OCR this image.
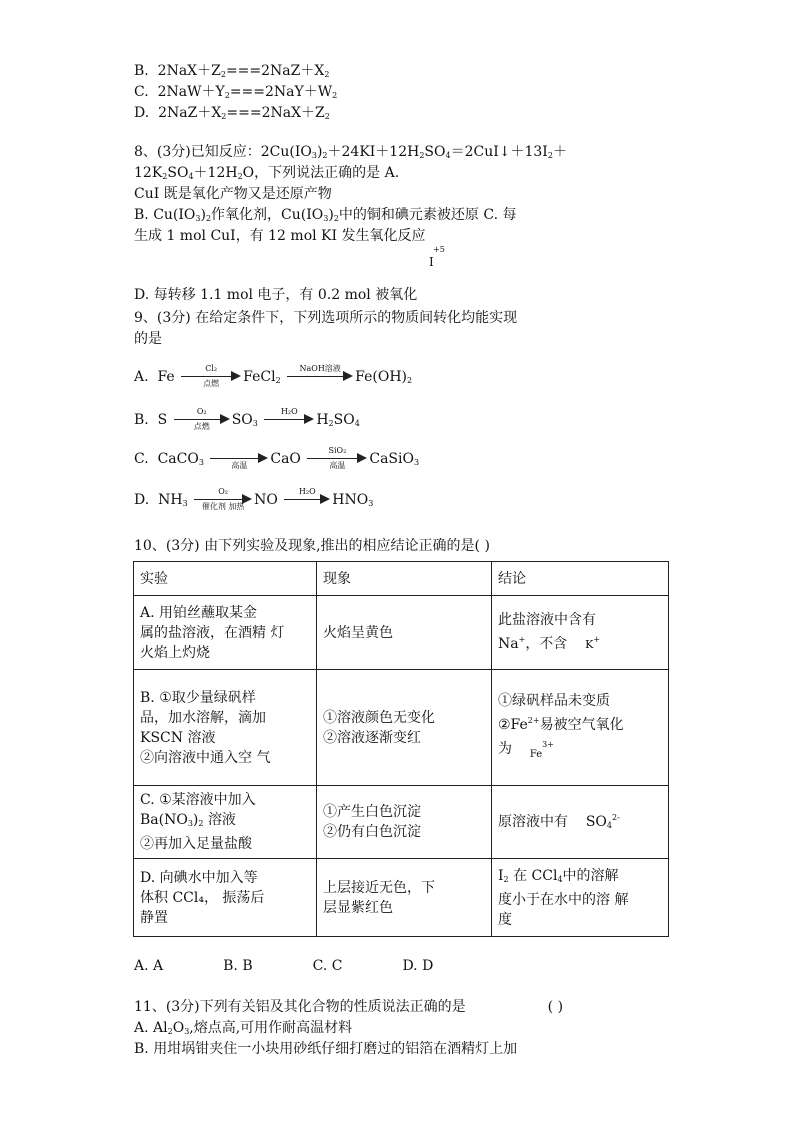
B. $2NaX+Z_2===2NaZ+X_2$
C. $2NaW+Y_2===2NaY+W_2$
D. $2NaZ+X_2===2NaX+Z_2$
8、(3分)已知反应：$2Cu(IO_3)_2+24KI+12H_2SO_4=2CuI↓+13I_2+$
$12K_2SO_4+12H_2O$，下列说法正确的是 A.
CuI 既是氧化产物又是还原产物
B. $Cu(IO_3)_2$作氧化剂，$Cu(IO_3)_2$中的铜和碘元素被还原 C. 每
生成 1 mol CuI，有 12 mol KI 发生氧化反应
+5
I
D. 每转移 1.1 mol 电子，有 0.2 mol 被氧化
9、(3分) 在给定条件下，下列选项所示的物质间转化均能实现
的是
A. Fe
Cl₂
点燃	FeCl$_2$
NaOH溶液
$Fe(OH)_2$
B. S
O₂
点燃	$SO_3$
H₂O
$H_2SO_4$
C. CaCO$_3$	高温	CaO
SiO₂
高温	CaSiO$_3$
D. $NH_3$
O₂
催化剂 加热 NO
H₂O
$HNO_3$
10、(3分) 由下列实验及现象,推出的相应结论正确的是( )
实验	现象	结论

A. 用铂丝蘸取某金
属的盐溶液，在酒精 灯
火焰上灼烧	火焰呈黄色	此盐溶液中含有
Na+，不含 K+

B. ①取少量绿矾样
品，加水溶解，滴加
KSCN 溶液
②向溶液中通入空 气	①溶液颜色无变化
②溶液逐渐变红	①绿矾样品未变质
$②Fe^{2+}$易被空气氧化
为 $_{Fe}^{3+}$

C. ①某溶液中加入
$Ba(NO_3)_2$ 溶液
②再加入足量盐酸	①产生白色沉淀
②仍有白色沉淀	原溶液中有 $SO_4^{2-}$

D. 向碘水中加入等
体积 CCl₄， 振荡后
静置	上层接近无色，下
层显紫红色	$I_2$ 在 CCl$_4$中的溶解
度小于在水中的溶 解
度
A. A	B. B	C. C	D. D
11、(3分)下列有关铝及其化合物的性质说法正确的是	( )
A. $Al_2O_3$,熔点高,可用作耐高温材料
B. 用坩埚钳夹住一小块用砂纸仔细打磨过的铝箔在酒精灯上加
